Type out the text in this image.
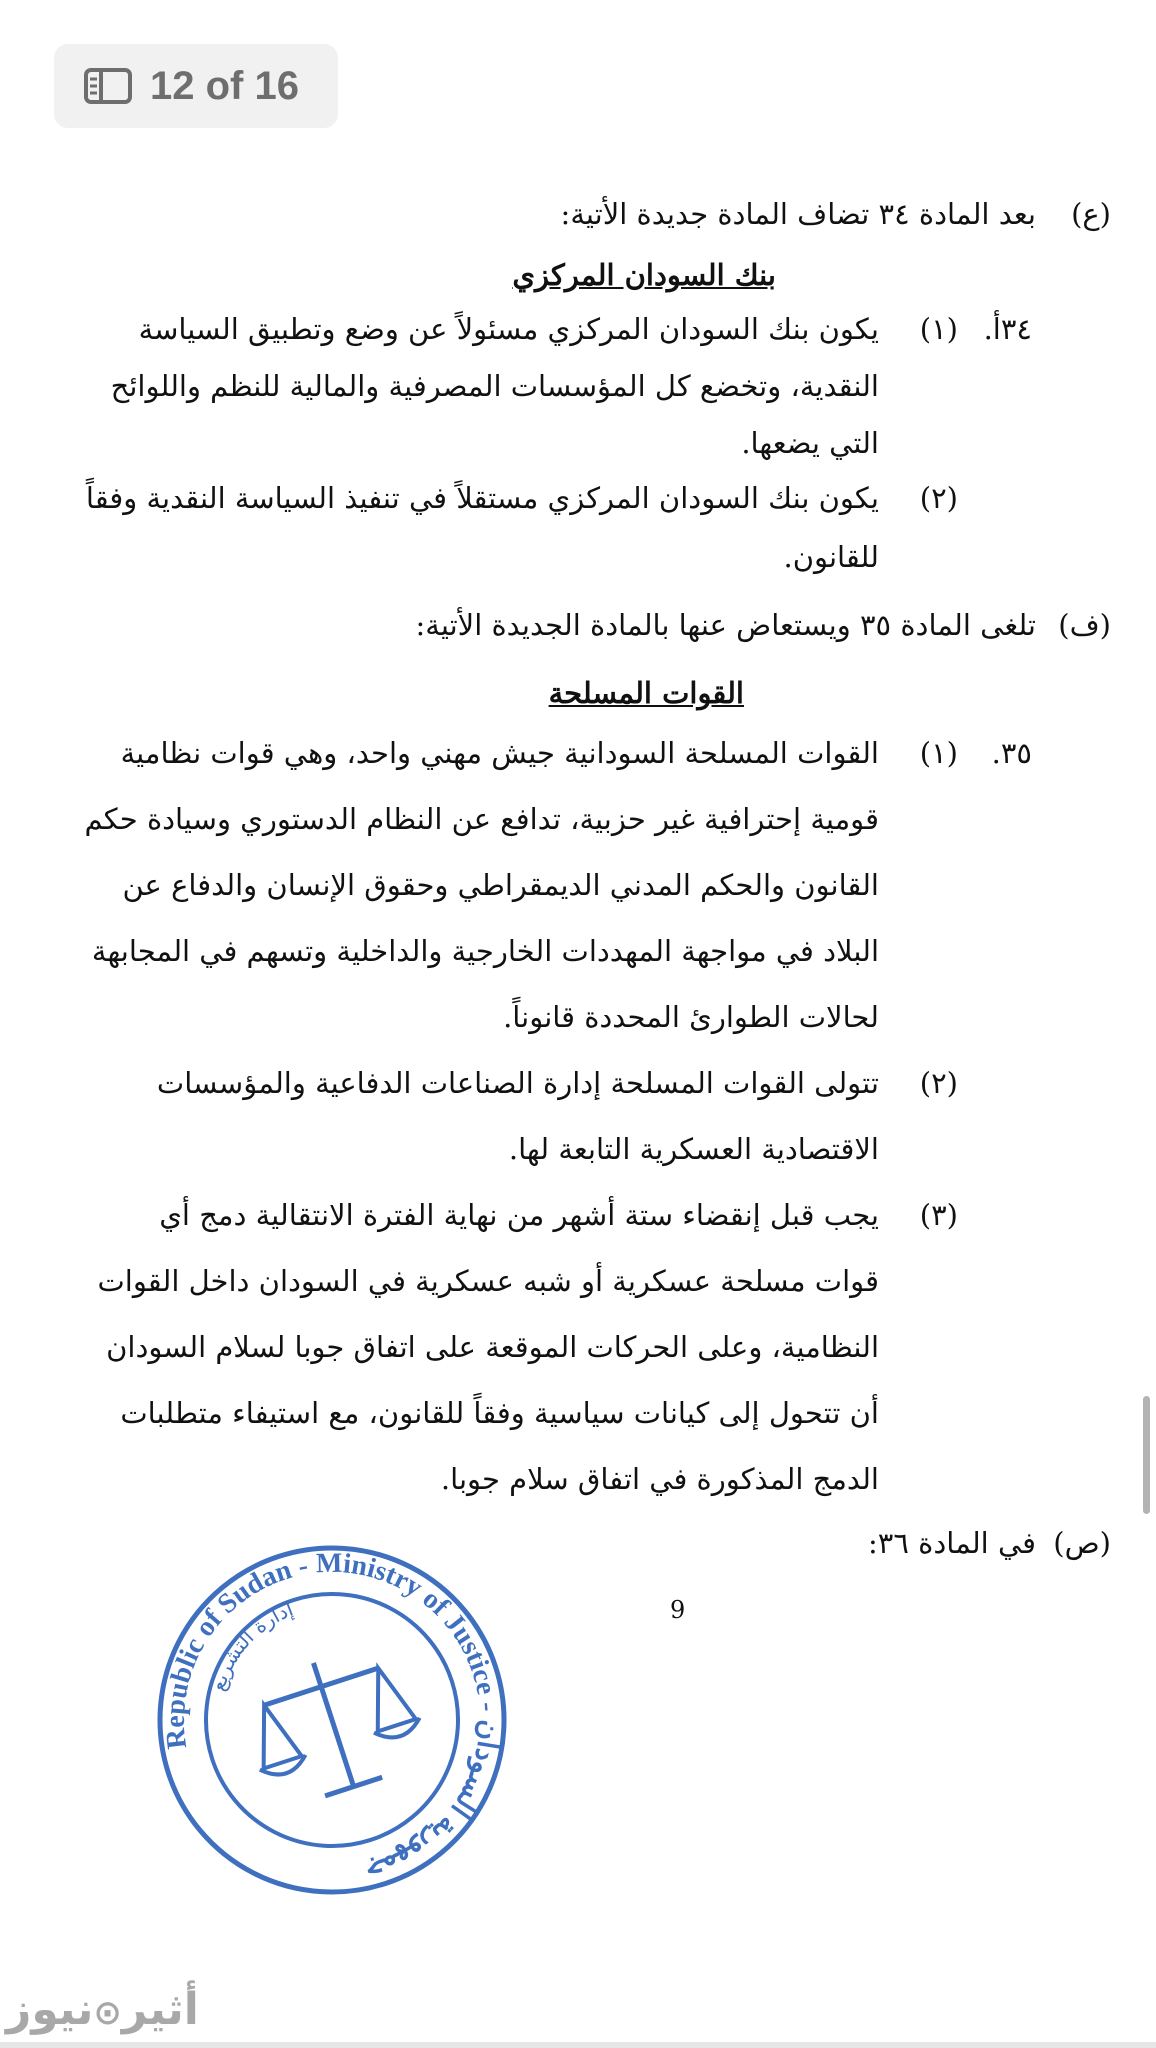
12 of 16
(ع)
بعد المادة ٣٤ تضاف المادة جديدة الأتية:
بنك السودان المركزي
٣٤أ.
(١)
يكون بنك السودان المركزي مسئولاً عن وضع وتطبيق السياسة
النقدية، وتخضع كل المؤسسات المصرفية والمالية للنظم واللوائح
التي يضعها.
(٢)
يكون بنك السودان المركزي مستقلاً في تنفيذ السياسة النقدية وفقاً
للقانون.
(ف)
تلغى المادة ٣٥ ويستعاض عنها بالمادة الجديدة الأتية:
القوات المسلحة
٣٥.
(١)
القوات المسلحة السودانية جيش مهني واحد، وهي قوات نظامية
قومية إحترافية غير حزبية، تدافع عن النظام الدستوري وسيادة حكم
القانون والحكم المدني الديمقراطي وحقوق الإنسان والدفاع عن
البلاد في مواجهة المهددات الخارجية والداخلية وتسهم في المجابهة
لحالات الطوارئ المحددة قانوناً.
(٢)
تتولى القوات المسلحة إدارة الصناعات الدفاعية والمؤسسات
الاقتصادية العسكرية التابعة لها.
(٣)
يجب قبل إنقضاء ستة أشهر من نهاية الفترة الانتقالية دمج أي
قوات مسلحة عسكرية أو شبه عسكرية في السودان داخل القوات
النظامية، وعلى الحركات الموقعة على اتفاق جوبا لسلام السودان
أن تتحول إلى كيانات سياسية وفقاً للقانون، مع استيفاء متطلبات
الدمج المذكورة في اتفاق سلام جوبا.
(ص)
في المادة ٣٦:
9
Republic of Sudan - Ministry of Justice - جمهورية السودان
إدارة التشريع
أثير⊙نيوز
